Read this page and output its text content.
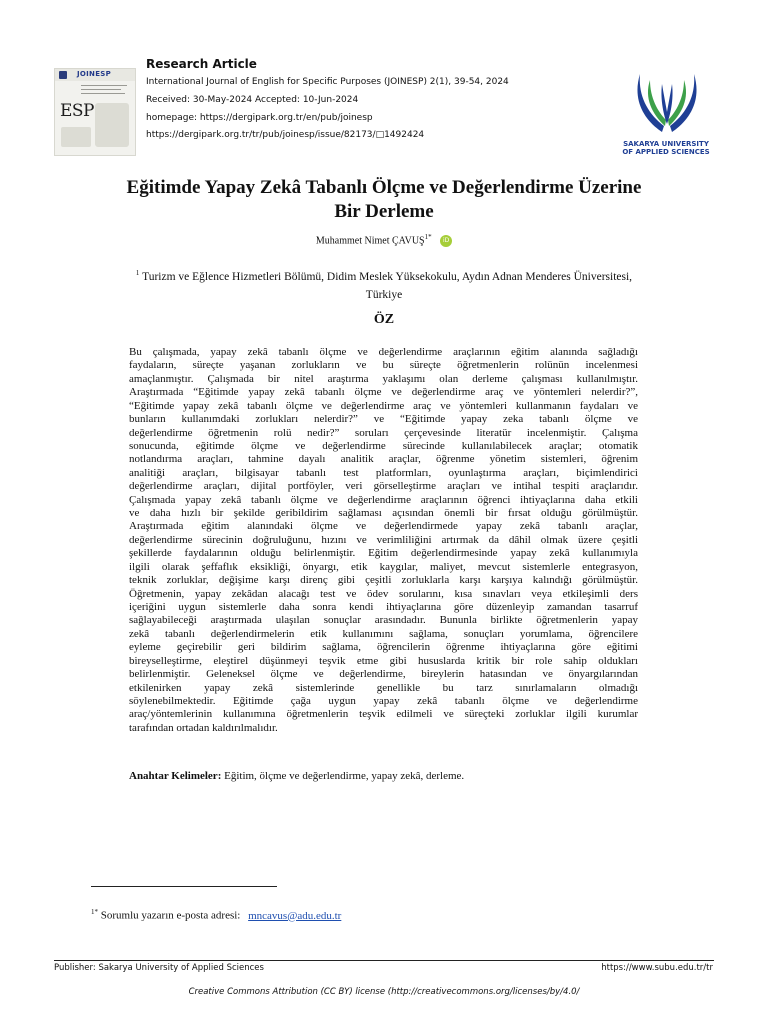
JOINESP
ESP
Research Article
International Journal of English for Specific Purposes (JOINESP) 2(1), 39-54, 2024
Received: 30-May-2024 Accepted: 10-Jun-2024
homepage: https://dergipark.org.tr/en/pub/joinesp
https://dergipark.org.tr/tr/pub/joinesp/issue/82173/□1492424
SAKARYA UNIVERSITY
OF APPLIED SCIENCES
Eğitimde Yapay Zekâ Tabanlı Ölçme ve Değerlendirme Üzerine
Bir Derleme
Muhammet Nimet $ÇAVUŞ^{1*}$ iD
$^1$ Turizm ve Eğlence Hizmetleri Bölümü, Didim Meslek Yüksekokulu, Aydın Adnan Menderes Üniversitesi,
Türkiye
ÖZ
Bu çalışmada, yapay zekâ tabanlı ölçme ve değerlendirme araçlarının eğitim alanında sağladığı
faydaların, süreçte yaşanan zorlukların ve bu süreçte öğretmenlerin rolünün incelenmesi
amaçlanmıştır. Çalışmada bir nitel araştırma yaklaşımı olan derleme çalışması kullanılmıştır.
Araştırmada “Eğitimde yapay zekâ tabanlı ölçme ve değerlendirme araç ve yöntemleri nelerdir?”,
“Eğitimde yapay zekâ tabanlı ölçme ve değerlendirme araç ve yöntemleri kullanmanın faydaları ve
bunların kullanımdaki zorlukları nelerdir?” ve “Eğitimde yapay zeka tabanlı ölçme ve
değerlendirme öğretmenin rolü nedir?” soruları çerçevesinde literatür incelenmiştir. Çalışma
sonucunda, eğitimde ölçme ve değerlendirme sürecinde kullanılabilecek araçlar; otomatik
notlandırma araçları, tahmine dayalı analitik araçlar, öğrenme yönetim sistemleri, öğrenim
analitiği araçları, bilgisayar tabanlı test platformları, oyunlaştırma araçları, biçimlendirici
değerlendirme araçları, dijital portföyler, veri görselleştirme araçları ve intihal tespiti araçlarıdır.
Çalışmada yapay zekâ tabanlı ölçme ve değerlendirme araçlarının öğrenci ihtiyaçlarına daha etkili
ve daha hızlı bir şekilde geribildirim sağlaması açısından önemli bir fırsat olduğu görülmüştür.
Araştırmada eğitim alanındaki ölçme ve değerlendirmede yapay zekâ tabanlı araçlar,
değerlendirme sürecinin doğruluğunu, hızını ve verimliliğini artırmak da dâhil olmak üzere çeşitli
şekillerde faydalarının olduğu belirlenmiştir. Eğitim değerlendirmesinde yapay zekâ kullanımıyla
ilgili olarak şeffaflık eksikliği, önyargı, etik kaygılar, maliyet, mevcut sistemlerle entegrasyon,
teknik zorluklar, değişime karşı direnç gibi çeşitli zorluklarla karşı karşıya kalındığı görülmüştür.
Öğretmenin, yapay zekâdan alacağı test ve ödev sorularını, kısa sınavları veya etkileşimli ders
içeriğini uygun sistemlerle daha sonra kendi ihtiyaçlarına göre düzenleyip zamandan tasarruf
sağlayabileceği araştırmada ulaşılan sonuçlar arasındadır. Bununla birlikte öğretmenlerin yapay
zekâ tabanlı değerlendirmelerin etik kullanımını sağlama, sonuçları yorumlama, öğrencilere
eyleme geçirebilir geri bildirim sağlama, öğrencilerin öğrenme ihtiyaçlarına göre eğitimi
bireyselleştirme, eleştirel düşünmeyi teşvik etme gibi hususlarda kritik bir role sahip oldukları
belirlenmiştir. Geleneksel ölçme ve değerlendirme, bireylerin hatasından ve önyargılarından
etkilenirken yapay zekâ sistemlerinde genellikle bu tarz sınırlamaların olmadığı
söylenebilmektedir. Eğitimde çağa uygun yapay zekâ tabanlı ölçme ve değerlendirme
araç/yöntemlerinin kullanımına öğretmenlerin teşvik edilmeli ve süreçteki zorluklar ilgili kurumlar
tarafından ortadan kaldırılmalıdır.
Anahtar Kelimeler: Eğitim, ölçme ve değerlendirme, yapay zekâ, derleme.
$^{1*}$ Sorumlu yazarın e-posta adresi: mncavus@adu.edu.tr
Publisher: Sakarya University of Applied Sciences	https://www.subu.edu.tr/tr
Creative Commons Attribution (CC BY) license (http://creativecommons.org/licenses/by/4.0/
